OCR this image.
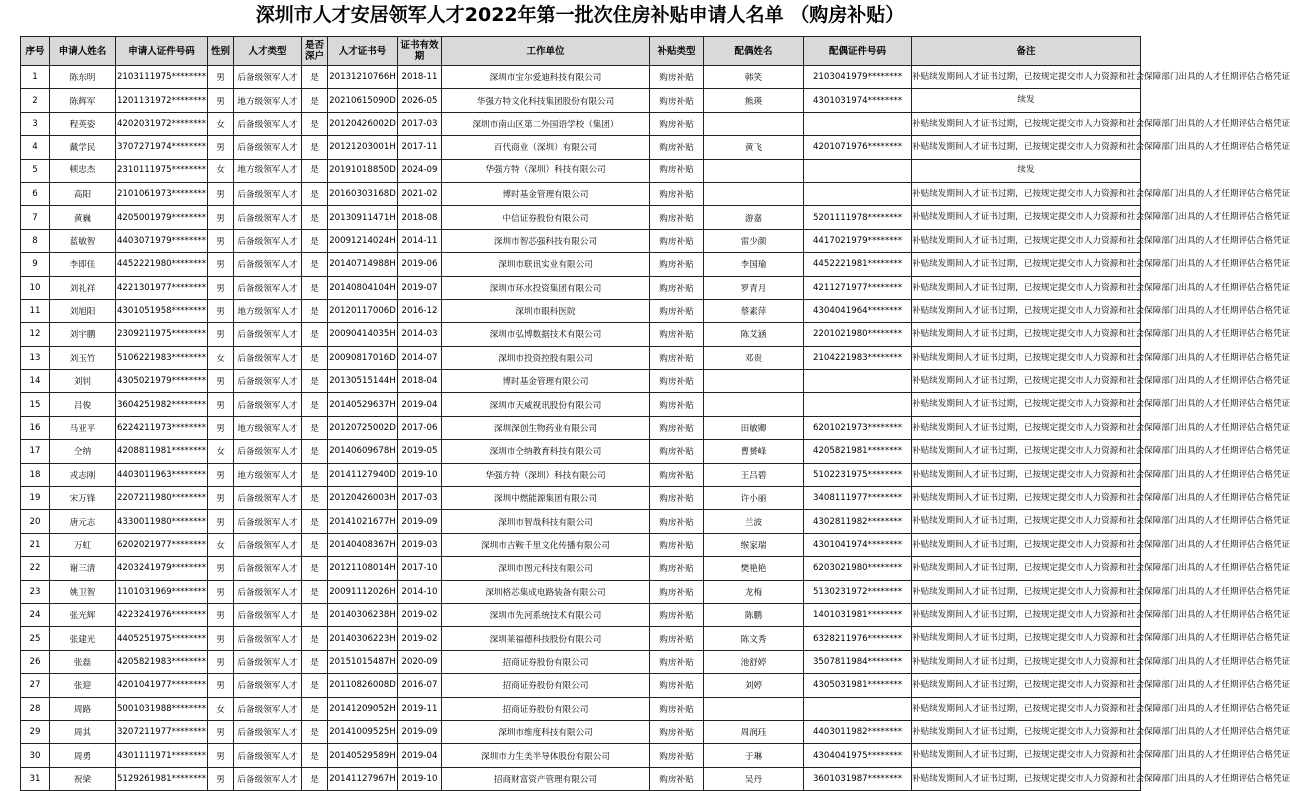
深圳市人才安居领军人才2022年第一批次住房补贴申请人名单 （购房补贴）
序号	申请人姓名	申请人证件号码	性别	人才类型	是否深户	人才证书号	证书有效期	工作单位	补贴类型	配偶姓名	配偶证件号码	备注
1	陈东明	2103111975********	男	后备级领军人才	是	20131210766H	2018-11	深圳市宝尔爱迪科技有限公司	购房补贴	韩笑	2103041979********	补贴续发期间人才证书过期，已按规定提交市人力资源和社会保障部门出具的人才任期评估合格凭证
2	陈辉军	1201131972********	男	地方级领军人才	是	20210615090D	2026-05	华强方特文化科技集团股份有限公司	购房补贴	熊瑛	4301031974********	续发
3	程英姿	4202031972********	女	后备级领军人才	是	20120426002D	2017-03	深圳市南山区第二外国语学校（集团）	购房补贴			补贴续发期间人才证书过期，已按规定提交市人力资源和社会保障部门出具的人才任期评估合格凭证
4	戴学民	3707271974********	男	后备级领军人才	是	20121203001H	2017-11	百代商业（深圳）有限公司	购房补贴	黄飞	4201071976********	补贴续发期间人才证书过期，已按规定提交市人力资源和社会保障部门出具的人才任期评估合格凭证
5	顿忠杰	2310111975********	女	地方级领军人才	是	20191018850D	2024-09	华强方特（深圳）科技有限公司	购房补贴			续发
6	高阳	2101061973********	男	后备级领军人才	是	20160303168D	2021-02	博时基金管理有限公司	购房补贴			补贴续发期间人才证书过期，已按规定提交市人力资源和社会保障部门出具的人才任期评估合格凭证
7	黄巍	4205001979********	男	后备级领军人才	是	20130911471H	2018-08	中信证券股份有限公司	购房补贴	游嘉	5201111978********	补贴续发期间人才证书过期，已按规定提交市人力资源和社会保障部门出具的人才任期评估合格凭证
8	蓝敏智	4403071979********	男	后备级领军人才	是	20091214024H	2014-11	深圳市智芯强科技有限公司	购房补贴	雷少颜	4417021979********	补贴续发期间人才证书过期，已按规定提交市人力资源和社会保障部门出具的人才任期评估合格凭证
9	李即佳	4452221980********	男	后备级领军人才	是	20140714988H	2019-06	深圳市联讯实业有限公司	购房补贴	李国瑜	4452221981********	补贴续发期间人才证书过期，已按规定提交市人力资源和社会保障部门出具的人才任期评估合格凭证
10	刘礼祥	4221301977********	男	后备级领军人才	是	20140804104H	2019-07	深圳市环水投资集团有限公司	购房补贴	罗青月	4211271977********	补贴续发期间人才证书过期，已按规定提交市人力资源和社会保障部门出具的人才任期评估合格凭证
11	刘旭阳	4301051958********	男	地方级领军人才	是	20120117006D	2016-12	深圳市眼科医院	购房补贴	蔡素萍	4304041964********	补贴续发期间人才证书过期，已按规定提交市人力资源和社会保障部门出具的人才任期评估合格凭证
12	刘宇鹏	2309211975********	男	后备级领军人才	是	20090414035H	2014-03	深圳市弘博数据技术有限公司	购房补贴	陈艾涵	2201021980********	补贴续发期间人才证书过期，已按规定提交市人力资源和社会保障部门出具的人才任期评估合格凭证
13	刘玉竹	5106221983********	女	后备级领军人才	是	20090817016D	2014-07	深圳市投资控股有限公司	购房补贴	邓贵	2104221983********	补贴续发期间人才证书过期，已按规定提交市人力资源和社会保障部门出具的人才任期评估合格凭证
14	刘钊	4305021979********	男	后备级领军人才	是	20130515144H	2018-04	博时基金管理有限公司	购房补贴			补贴续发期间人才证书过期，已按规定提交市人力资源和社会保障部门出具的人才任期评估合格凭证
15	吕俊	3604251982********	男	后备级领军人才	是	20140529637H	2019-04	深圳市天威视讯股份有限公司	购房补贴			补贴续发期间人才证书过期，已按规定提交市人力资源和社会保障部门出具的人才任期评估合格凭证
16	马亚平	6224211973********	男	地方级领军人才	是	20120725002D	2017-06	深圳深创生物药业有限公司	购房补贴	田敏卿	6201021973********	补贴续发期间人才证书过期，已按规定提交市人力资源和社会保障部门出具的人才任期评估合格凭证
17	仝纳	4208811981********	女	后备级领军人才	是	20140609678H	2019-05	深圳市仝纳教育科技有限公司	购房补贴	曹赟峰	4205821981********	补贴续发期间人才证书过期，已按规定提交市人力资源和社会保障部门出具的人才任期评估合格凭证
18	戎志刚	4403011963********	男	地方级领军人才	是	20141127940D	2019-10	华强方特（深圳）科技有限公司	购房补贴	王吕碧	5102231975********	补贴续发期间人才证书过期，已按规定提交市人力资源和社会保障部门出具的人才任期评估合格凭证
19	宋万锋	2207211980********	男	后备级领军人才	是	20120426003H	2017-03	深圳中燃能源集团有限公司	购房补贴	许小丽	3408111977********	补贴续发期间人才证书过期，已按规定提交市人力资源和社会保障部门出具的人才任期评估合格凭证
20	唐元志	4330011980********	男	后备级领军人才	是	20141021677H	2019-09	深圳市智哉科技有限公司	购房补贴	兰波	4302811982********	补贴续发期间人才证书过期，已按规定提交市人力资源和社会保障部门出具的人才任期评估合格凭证
21	万虹	6202021977********	女	后备级领军人才	是	20140408367H	2019-03	深圳市吉鞍千里文化传播有限公司	购房补贴	缑家瑞	4301041974********	补贴续发期间人才证书过期，已按规定提交市人力资源和社会保障部门出具的人才任期评估合格凭证
22	谢三清	4203241979********	男	后备级领军人才	是	20121108014H	2017-10	深圳市图元科技有限公司	购房补贴	樊艳艳	6203021980********	补贴续发期间人才证书过期，已按规定提交市人力资源和社会保障部门出具的人才任期评估合格凭证
23	姚卫智	1101031969********	男	后备级领军人才	是	20091112026H	2014-10	深圳格芯集成电路装备有限公司	购房补贴	龙梅	5130231972********	补贴续发期间人才证书过期，已按规定提交市人力资源和社会保障部门出具的人才任期评估合格凭证
24	张光辉	4223241976********	男	后备级领军人才	是	20140306238H	2019-02	深圳市先河系统技术有限公司	购房补贴	陈鹏	1401031981********	补贴续发期间人才证书过期，已按规定提交市人力资源和社会保障部门出具的人才任期评估合格凭证
25	张建光	4405251975********	男	后备级领军人才	是	20140306223H	2019-02	深圳莱福德科技股份有限公司	购房补贴	陈文秀	6328211976********	补贴续发期间人才证书过期，已按规定提交市人力资源和社会保障部门出具的人才任期评估合格凭证
26	张磊	4205821983********	男	后备级领军人才	是	20151015487H	2020-09	招商证券股份有限公司	购房补贴	池舒婷	3507811984********	补贴续发期间人才证书过期，已按规定提交市人力资源和社会保障部门出具的人才任期评估合格凭证
27	张迎	4201041977********	男	后备级领军人才	是	20110826008D	2016-07	招商证券股份有限公司	购房补贴	刘婷	4305031981********	补贴续发期间人才证书过期，已按规定提交市人力资源和社会保障部门出具的人才任期评估合格凭证
28	周路	5001031988********	女	后备级领军人才	是	20141209052H	2019-11	招商证券股份有限公司	购房补贴			补贴续发期间人才证书过期，已按规定提交市人力资源和社会保障部门出具的人才任期评估合格凭证
29	周其	3207211977********	男	后备级领军人才	是	20141009525H	2019-09	深圳市维度科技有限公司	购房补贴	周润珏	4403011982********	补贴续发期间人才证书过期，已按规定提交市人力资源和社会保障部门出具的人才任期评估合格凭证
30	周勇	4301111971********	男	后备级领军人才	是	20140529589H	2019-04	深圳市力生美半导体股份有限公司	购房补贴	于琳	4304041975********	补贴续发期间人才证书过期，已按规定提交市人力资源和社会保障部门出具的人才任期评估合格凭证
31	祝梁	5129261981********	男	后备级领军人才	是	20141127967H	2019-10	招商财富资产管理有限公司	购房补贴	吴丹	3601031987********	补贴续发期间人才证书过期，已按规定提交市人力资源和社会保障部门出具的人才任期评估合格凭证
